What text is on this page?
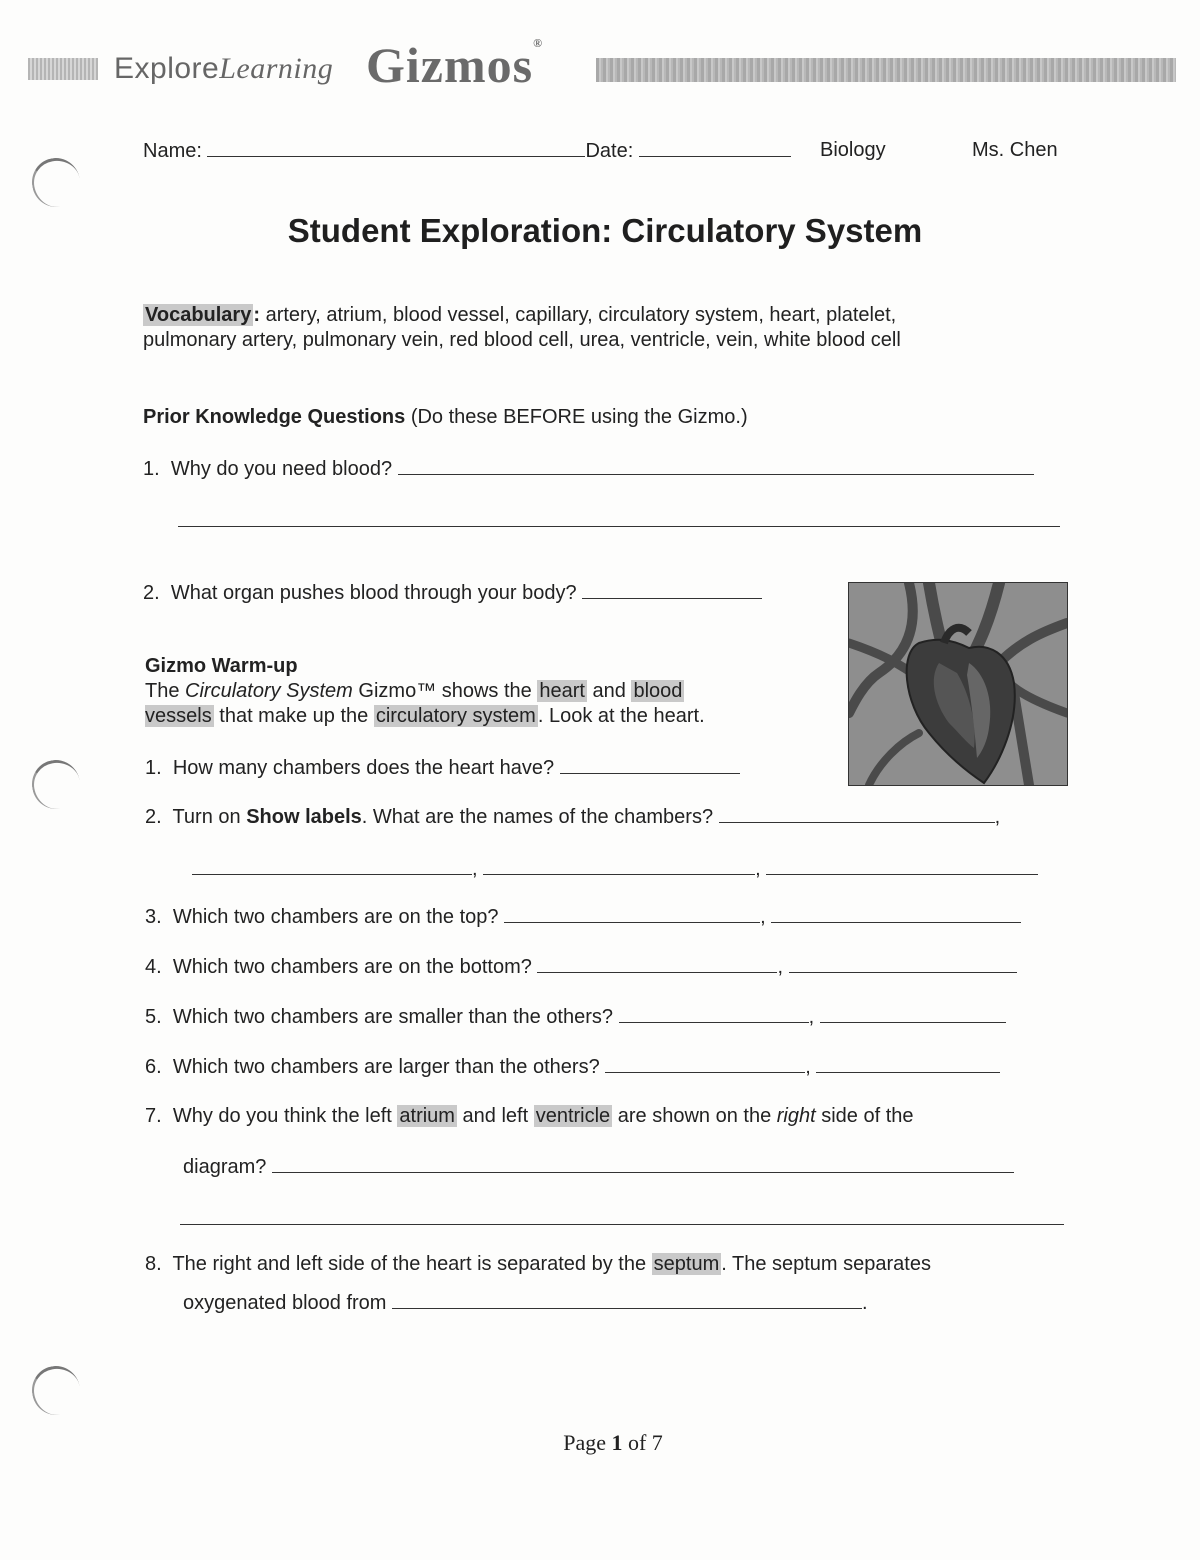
ExploreLearning Gizmos®
Name:	Date:	Biology	Ms. Chen
Student Exploration: Circulatory System
Vocabulary : artery, atrium, blood vessel, capillary, circulatory system, heart, platelet,
pulmonary artery, pulmonary vein, red blood cell, urea, ventricle, vein, white blood cell
Prior Knowledge Questions (Do these BEFORE using the Gizmo.)
1. Why do you need blood?
2. What organ pushes blood through your body?
Gizmo Warm-up
The Circulatory System Gizmo™ shows the heart and blood
vessels that make up the circulatory system . Look at the heart.
1. How many chambers does the heart have?
2. Turn on Show labels. What are the names of the chambers?	,
,	,
3. Which two chambers are on the top?	,
4. Which two chambers are on the bottom?	,
5. Which two chambers are smaller than the others?	,
6. Which two chambers are larger than the others?	,
7. Why do you think the left atrium and left ventricle are shown on the right side of the
diagram?
8. The right and left side of the heart is separated by the septum . The septum separates
oxygenated blood from	.
Page 1 of 7
